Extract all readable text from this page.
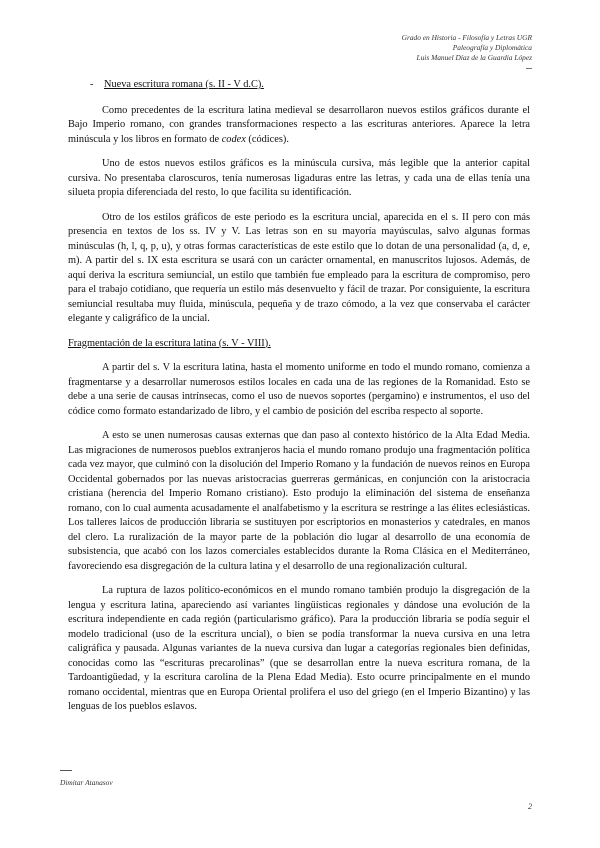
Grado en Historia - Filosofía y Letras UGR
Paleografía y Diplomática
Luis Manuel Díaz de la Guardia López
-	Nueva escritura romana (s. II - V d.C).

Como precedentes de la escritura latina medieval se desarrollaron nuevos estilos gráficos durante el Bajo Imperio romano, con grandes transformaciones respecto a las escrituras anteriores. Aparece la letra minúscula y los libros en formato de codex (códices).

Uno de estos nuevos estilos gráficos es la minúscula cursiva, más legible que la anterior capital cursiva. No presentaba claroscuros, tenía numerosas ligaduras entre las letras, y cada una de ellas tenía una silueta propia diferenciada del resto, lo que facilita su identificación.

Otro de los estilos gráficos de este periodo es la escritura uncial, aparecida en el s. II pero con más presencia en textos de los ss. IV y V. Las letras son en su mayoría mayúsculas, salvo algunas formas minúsculas (h, l, q, p, u), y otras formas características de este estilo que lo dotan de una personalidad (a, d, e, m). A partir del s. IX esta escritura se usará con un carácter ornamental, en manuscritos lujosos. Además, de aquí deriva la escritura semiuncial, un estilo que también fue empleado para la escritura de compromiso, pero para el trabajo cotidiano, que requería un estilo más desenvuelto y fácil de trazar. Por consiguiente, la escritura semiuncial resultaba muy fluida, minúscula, pequeña y de trazo cómodo, a la vez que conservaba el carácter elegante y caligráfico de la uncial.

Fragmentación de la escritura latina (s. V - VIII).

A partir del s. V la escritura latina, hasta el momento uniforme en todo el mundo romano, comienza a fragmentarse y a desarrollar numerosos estilos locales en cada una de las regiones de la Romanidad. Esto se debe a una serie de causas intrínsecas, como el uso de nuevos soportes (pergamino) e instrumentos, el uso del códice como formato estandarizado de libro, y el cambio de posición del escriba respecto al soporte.

A esto se unen numerosas causas externas que dan paso al contexto histórico de la Alta Edad Media. Las migraciones de numerosos pueblos extranjeros hacia el mundo romano produjo una fragmentación política cada vez mayor, que culminó con la disolución del Imperio Romano y la fundación de nuevos reinos en Europa Occidental gobernados por las nuevas aristocracias guerreras germánicas, en conjunción con la aristocracia cristiana (herencia del Imperio Romano cristiano). Esto produjo la eliminación del sistema de enseñanza romano, con lo cual aumenta acusadamente el analfabetismo y la escritura se restringe a las élites eclesiásticas. Los talleres laicos de producción libraria se sustituyen por escriptorios en monasterios y catedrales, en manos del clero. La ruralización de la mayor parte de la población dio lugar al desarrollo de una economía de subsistencia, que acabó con los lazos comerciales establecidos durante la Roma Clásica en el Mediterráneo, favoreciendo esa disgregación de la cultura latina y el desarrollo de una regionalización cultural.

La ruptura de lazos político-económicos en el mundo romano también produjo la disgregación de la lengua y escritura latina, apareciendo así variantes lingüísticas regionales y dándose una evolución de la escritura independiente en cada región (particularismo gráfico). Para la producción libraria se podía seguir el modelo tradicional (uso de la escritura uncial), o bien se podía transformar la nueva cursiva en una letra caligráfica y pausada. Algunas variantes de la nueva cursiva dan lugar a categorías regionales bien definidas, conocidas como las “escrituras precarolinas” (que se desarrollan entre la nueva escritura romana, de la Tardoantigüedad, y la escritura carolina de la Plena Edad Media). Esto ocurre principalmente en el mundo romano occidental, mientras que en Europa Oriental prolifera el uso del griego (en el Imperio Bizantino) y las lenguas de los pueblos eslavos.

Dimitar Atanasov
2
